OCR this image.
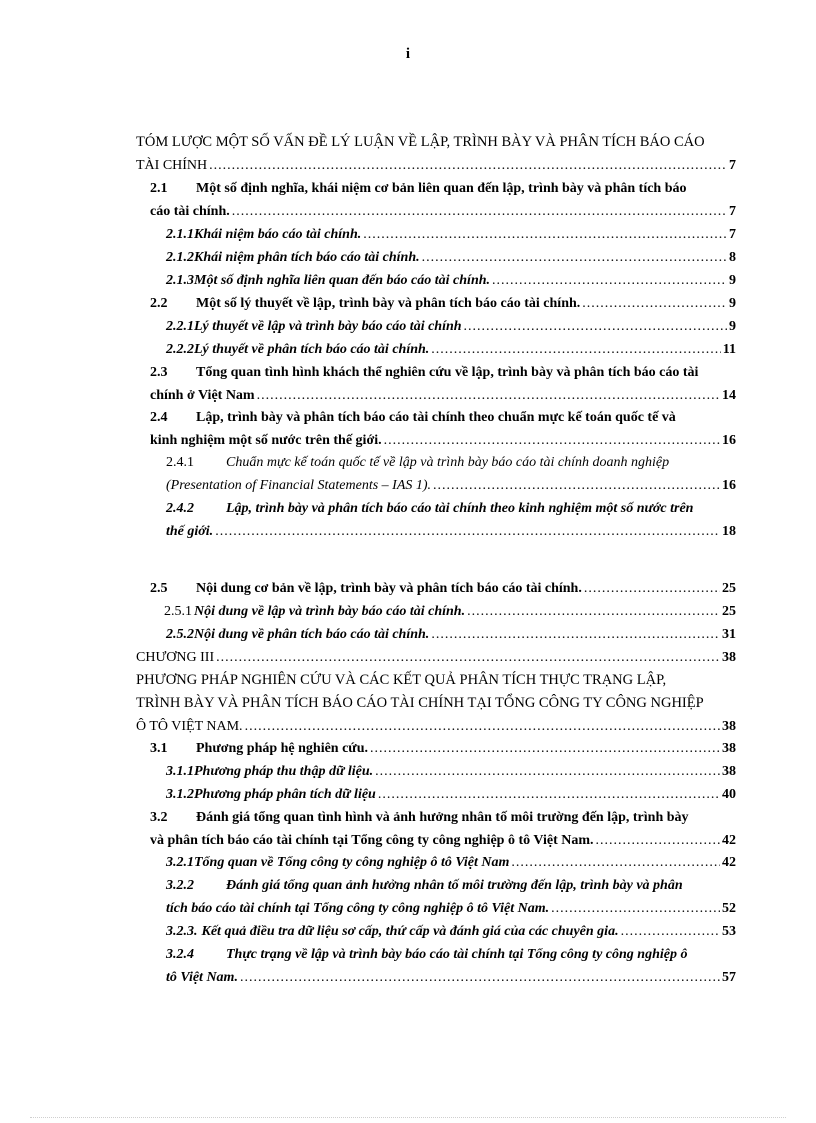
i
TÓM LƯỢC MỘT SỐ VẤN ĐỀ LÝ LUẬN VỀ LẬP, TRÌNH BÀY VÀ PHÂN TÍCH BÁO CÁO
TÀI CHÍNH .....	7
2.1 Một số định nghĩa, khái niệm cơ bản liên quan đến lập, trình bày và phân tích báo
cáo tài chính. .....	7
2.1.1 Khái niệm báo cáo tài chính. .....	7
2.1.2 Khái niệm phân tích báo cáo tài chính. .....	8
2.1.3 Một số định nghĩa liên quan đến báo cáo tài chính. .....	9
2.2 Một số lý thuyết về lập, trình bày và phân tích báo cáo tài chính. .....	9
2.2.1 Lý thuyết về lập và trình bày báo cáo tài chính .....	9
2.2.2 Lý thuyết về phân tích báo cáo tài chính. .....	11
2.3 Tổng quan tình hình khách thể nghiên cứu về lập, trình bày và phân tích báo cáo tài
chính ở Việt Nam .....	14
2.4 Lập, trình bày và phân tích báo cáo tài chính theo chuẩn mực kế toán quốc tế và
kinh nghiệm một số nước trên thế giới. .....	16
2.4.1	Chuẩn mực kế toán quốc tế về lập và trình bày báo cáo tài chính doanh nghiệp
(Presentation of Financial Statements – IAS 1). .....	16
2.4.2	Lập, trình bày và phân tích báo cáo tài chính theo kinh nghiệm một số nước trên
thế giới. .....	18
2.5 Nội dung cơ bản về lập, trình bày và phân tích báo cáo tài chính. .....	25
2.5.1 Nội dung về lập và trình bày báo cáo tài chính. .....	25
2.5.2 Nội dung về phân tích báo cáo tài chính. .....	31
CHƯƠNG III .....	38
PHƯƠNG PHÁP NGHIÊN CỨU VÀ CÁC KẾT QUẢ PHÂN TÍCH THỰC TRẠNG LẬP,
TRÌNH BÀY VÀ PHÂN TÍCH BÁO CÁO TÀI CHÍNH TẠI TỔNG CÔNG TY CÔNG NGHIỆP
Ô TÔ VIỆT NAM. .....	38
3.1 Phương pháp hệ nghiên cứu. .....	38
3.1.1 Phương pháp thu thập dữ liệu. .....	38
3.1.2 Phương pháp phân tích dữ liệu .....	40
3.2 Đánh giá tổng quan tình hình và ảnh hưởng nhân tố môi trường đến lập, trình bày
và phân tích báo cáo tài chính tại Tổng công ty công nghiệp ô tô Việt Nam. .....	42
3.2.1 Tổng quan về Tổng công ty công nghiệp ô tô Việt Nam .....	42
3.2.2	Đánh giá tổng quan ảnh hưởng nhân tố môi trường đến lập, trình bày và phân
tích báo cáo tài chính tại Tổng công ty công nghiệp ô tô Việt Nam. .....	52
3.2.3. Kết quả điều tra dữ liệu sơ cấp, thứ cấp và đánh giá của các chuyên gia. .....	53
3.2.4	Thực trạng về lập và trình bày báo cáo tài chính tại Tổng công ty công nghiệp ô
tô Việt Nam. .....	57
